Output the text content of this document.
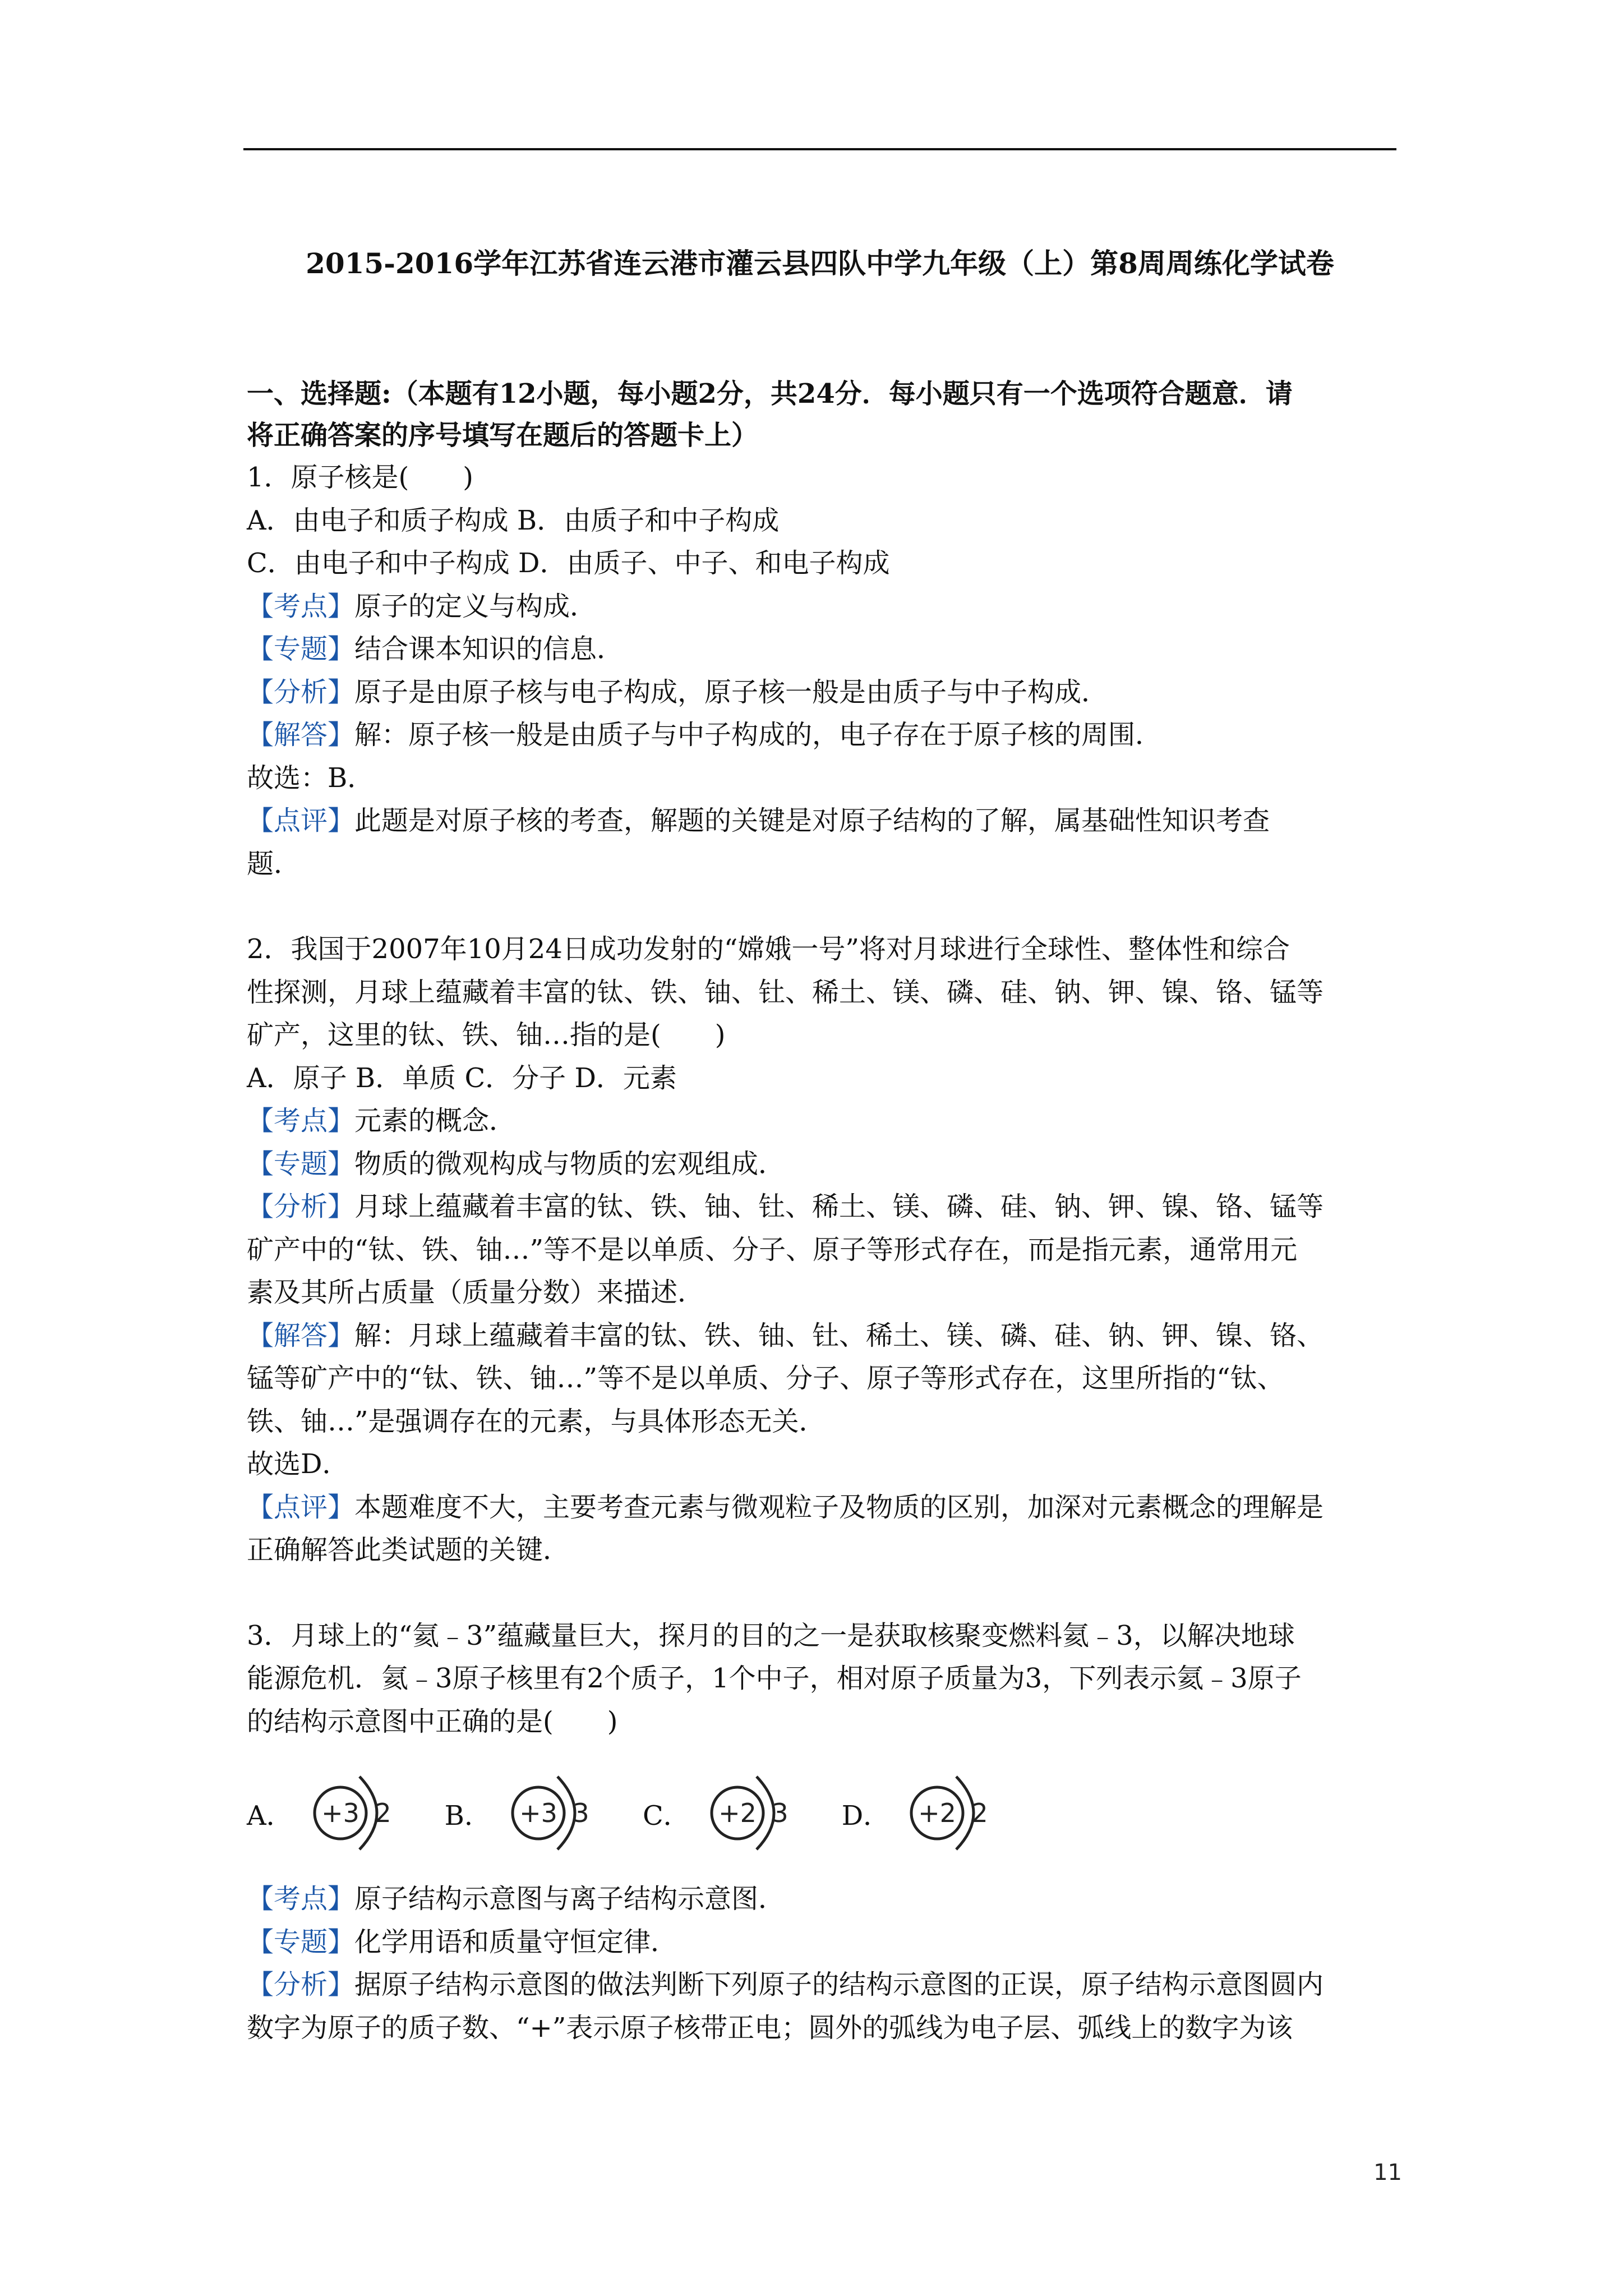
2015-2016学年江苏省连云港市灌云县四队中学九年级（上）第8周周练化学试卷

一、选择题:（本题有12小题，每小题2分，共24分．每小题只有一个选项符合题意．请

将正确答案的序号填写在题后的答题卡上）

1．原子核是(　　)

A．由电子和质子构成 B．由质子和中子构成

C．由电子和中子构成 D．由质子、中子、和电子构成

【考点】原子的定义与构成．

【专题】结合课本知识的信息．

【分析】原子是由原子核与电子构成，原子核一般是由质子与中子构成．

【解答】解：原子核一般是由质子与中子构成的，电子存在于原子核的周围．

故选：B．

【点评】此题是对原子核的考查，解题的关键是对原子结构的了解，属基础性知识考查

题．

2．我国于2007年10月24日成功发射的“嫦娥一号”将对月球进行全球性、整体性和综合

性探测，月球上蕴藏着丰富的钛、铁、铀、钍、稀土、镁、磷、硅、钠、钾、镍、铬、锰等

矿产，这里的钛、铁、铀…指的是(　　)

A．原子 B．单质 C．分子 D．元素

【考点】元素的概念．

【专题】物质的微观构成与物质的宏观组成．

【分析】月球上蕴藏着丰富的钛、铁、铀、钍、稀土、镁、磷、硅、钠、钾、镍、铬、锰等

矿产中的“钛、铁、铀…”等不是以单质、分子、原子等形式存在，而是指元素，通常用元

素及其所占质量（质量分数）来描述．

【解答】解：月球上蕴藏着丰富的钛、铁、铀、钍、稀土、镁、磷、硅、钠、钾、镍、铬、

锰等矿产中的“钛、铁、铀…”等不是以单质、分子、原子等形式存在，这里所指的“钛、

铁、铀…”是强调存在的元素，与具体形态无关．

故选D．

【点评】本题难度不大，主要考查元素与微观粒子及物质的区别，加深对元素概念的理解是

正确解答此类试题的关键．

3．月球上的“氦﹣3”蕴藏量巨大，探月的目的之一是获取核聚变燃料氦﹣3，以解决地球

能源危机．氦﹣3原子核里有2个质子，1个中子，相对原子质量为3，下列表示氦﹣3原子

的结构示意图中正确的是(　　)

A． +3 2 B． +3 3 C． +2 3 D． +2 2

【考点】原子结构示意图与离子结构示意图．

【专题】化学用语和质量守恒定律．

【分析】据原子结构示意图的做法判断下列原子的结构示意图的正误，原子结构示意图圆内

数字为原子的质子数、“+”表示原子核带正电；圆外的弧线为电子层、弧线上的数字为该

11
